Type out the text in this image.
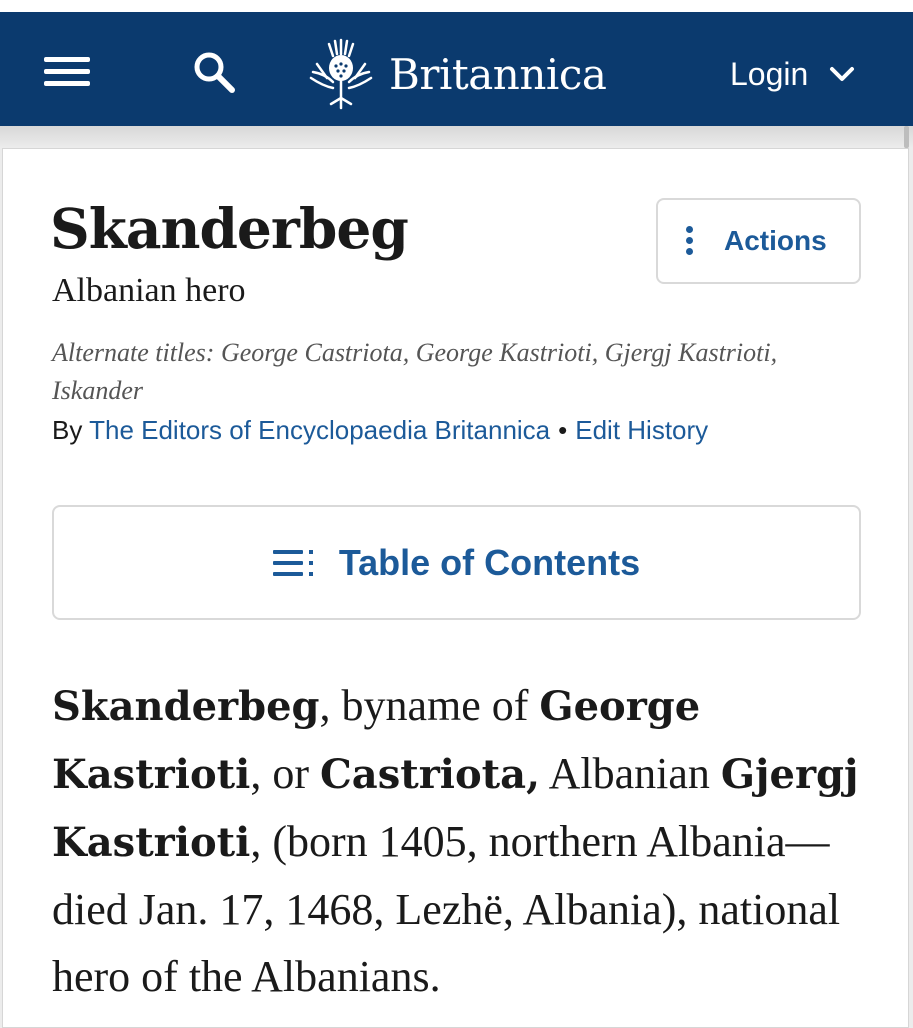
Britannica	Login
Skanderbeg
Albanian hero
Actions
Alternate titles: George Castriota, George Kastrioti, Gjergj Kastrioti, Iskander
By The Editors of Encyclopaedia Britannica • Edit History
Table of Contents

Skanderbeg, byname of George Kastrioti, or Castriota, Albanian Gjergj Kastrioti, (born 1405, northern Albania—died Jan. 17, 1468, Lezhë, Albania), national hero of the Albanians.
